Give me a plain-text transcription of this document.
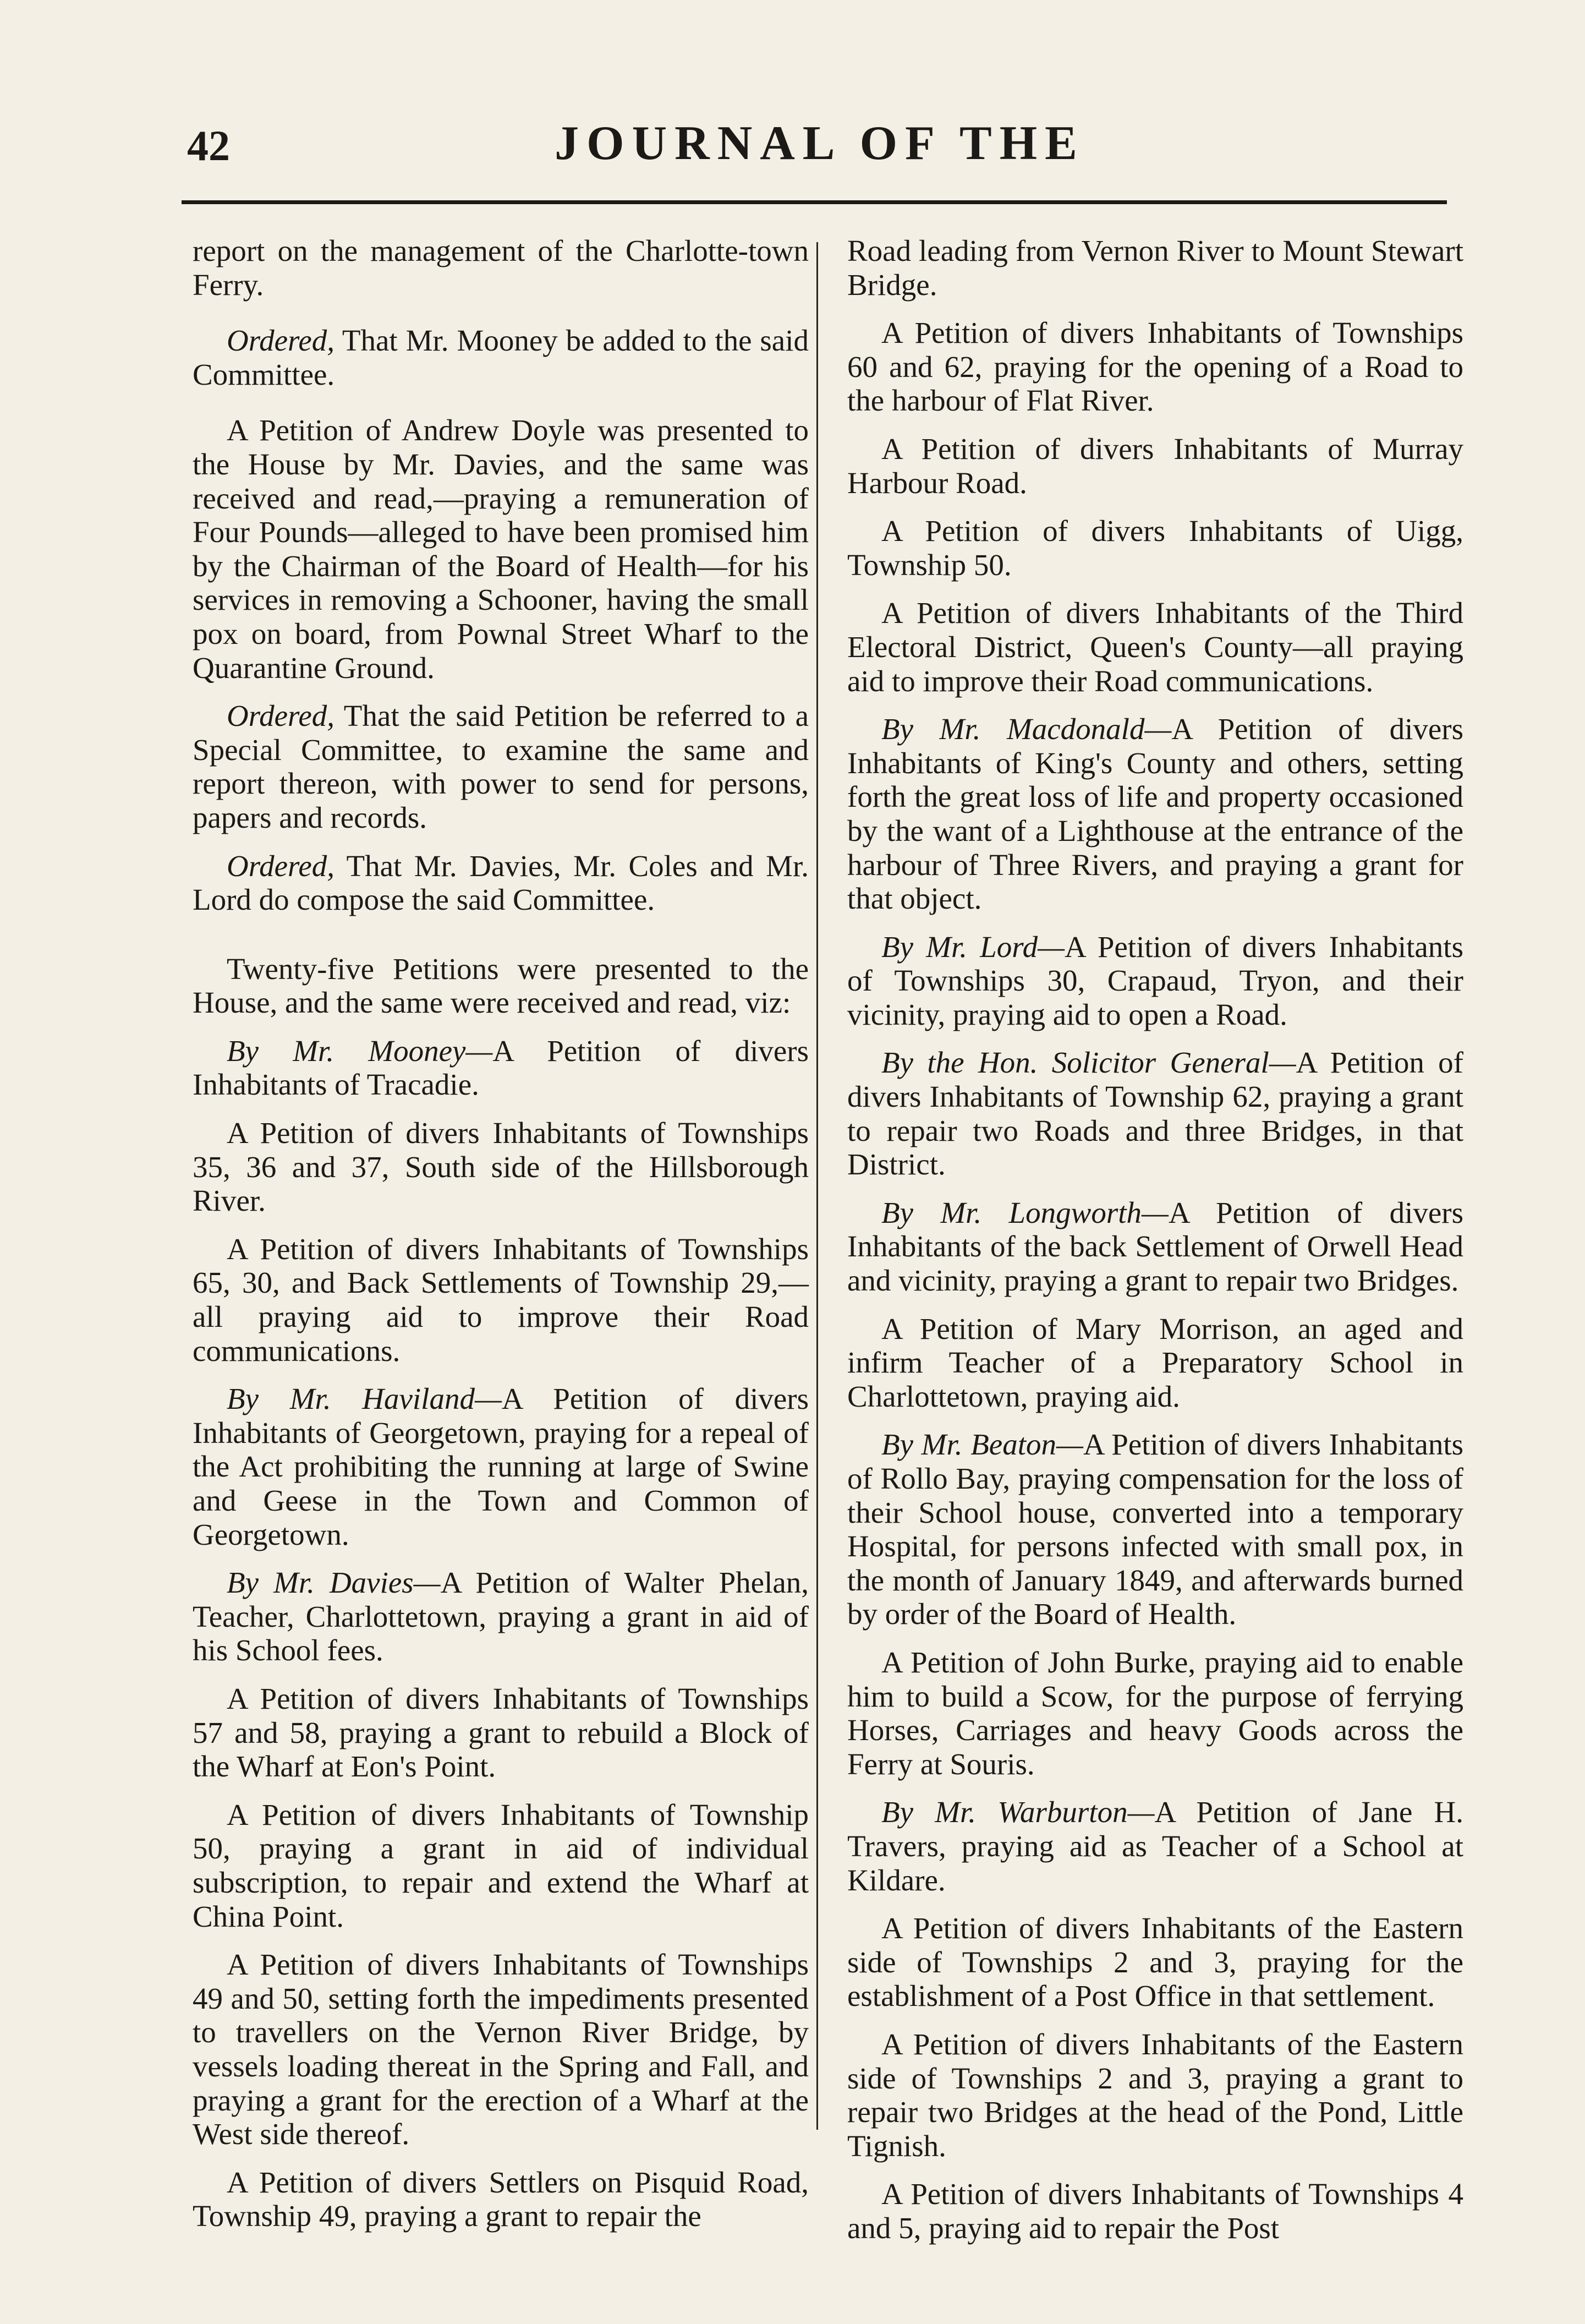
42	JOURNAL OF THE

report on the management of the Charlotte-town Ferry.

Ordered, That Mr. Mooney be added to the said Committee.

A Petition of Andrew Doyle was presented to the House by Mr. Davies, and the same was received and read,—praying a remuneration of Four Pounds—alleged to have been promised him by the Chairman of the Board of Health—for his services in removing a Schooner, having the small pox on board, from Pownal Street Wharf to the Quarantine Ground.

Ordered, That the said Petition be referred to a Special Committee, to examine the same and report thereon, with power to send for persons, papers and records.

Ordered, That Mr. Davies, Mr. Coles and Mr. Lord do compose the said Committee.

Twenty-five Petitions were presented to the House, and the same were received and read, viz:

By Mr. Mooney—A Petition of divers Inhabitants of Tracadie.

A Petition of divers Inhabitants of Townships 35, 36 and 37, South side of the Hillsborough River.

A Petition of divers Inhabitants of Townships 65, 30, and Back Settlements of Township 29,—all praying aid to improve their Road communications.

By Mr. Haviland—A Petition of divers Inhabitants of Georgetown, praying for a repeal of the Act prohibiting the running at large of Swine and Geese in the Town and Common of Georgetown.

By Mr. Davies—A Petition of Walter Phelan, Teacher, Charlottetown, praying a grant in aid of his School fees.

A Petition of divers Inhabitants of Townships 57 and 58, praying a grant to rebuild a Block of the Wharf at Eon's Point.

A Petition of divers Inhabitants of Township 50, praying a grant in aid of individual subscription, to repair and extend the Wharf at China Point.

A Petition of divers Inhabitants of Townships 49 and 50, setting forth the impediments presented to travellers on the Vernon River Bridge, by vessels loading thereat in the Spring and Fall, and praying a grant for the erection of a Wharf at the West side thereof.

A Petition of divers Settlers on Pisquid Road, Township 49, praying a grant to repair the

Road leading from Vernon River to Mount Stewart Bridge.

A Petition of divers Inhabitants of Townships 60 and 62, praying for the opening of a Road to the harbour of Flat River.

A Petition of divers Inhabitants of Murray Harbour Road.

A Petition of divers Inhabitants of Uigg, Township 50.

A Petition of divers Inhabitants of the Third Electoral District, Queen's County—all praying aid to improve their Road communications.

By Mr. Macdonald—A Petition of divers Inhabitants of King's County and others, setting forth the great loss of life and property occasioned by the want of a Lighthouse at the entrance of the harbour of Three Rivers, and praying a grant for that object.

By Mr. Lord—A Petition of divers Inhabitants of Townships 30, Crapaud, Tryon, and their vicinity, praying aid to open a Road.

By the Hon. Solicitor General—A Petition of divers Inhabitants of Township 62, praying a grant to repair two Roads and three Bridges, in that District.

By Mr. Longworth—A Petition of divers Inhabitants of the back Settlement of Orwell Head and vicinity, praying a grant to repair two Bridges.

A Petition of Mary Morrison, an aged and infirm Teacher of a Preparatory School in Charlottetown, praying aid.

By Mr. Beaton—A Petition of divers Inhabitants of Rollo Bay, praying compensation for the loss of their School house, converted into a temporary Hospital, for persons infected with small pox, in the month of January 1849, and afterwards burned by order of the Board of Health.

A Petition of John Burke, praying aid to enable him to build a Scow, for the purpose of ferrying Horses, Carriages and heavy Goods across the Ferry at Souris.

By Mr. Warburton—A Petition of Jane H. Travers, praying aid as Teacher of a School at Kildare.

A Petition of divers Inhabitants of the Eastern side of Townships 2 and 3, praying for the establishment of a Post Office in that settlement.

A Petition of divers Inhabitants of the Eastern side of Townships 2 and 3, praying a grant to repair two Bridges at the head of the Pond, Little Tignish.

A Petition of divers Inhabitants of Townships 4 and 5, praying aid to repair the Post
